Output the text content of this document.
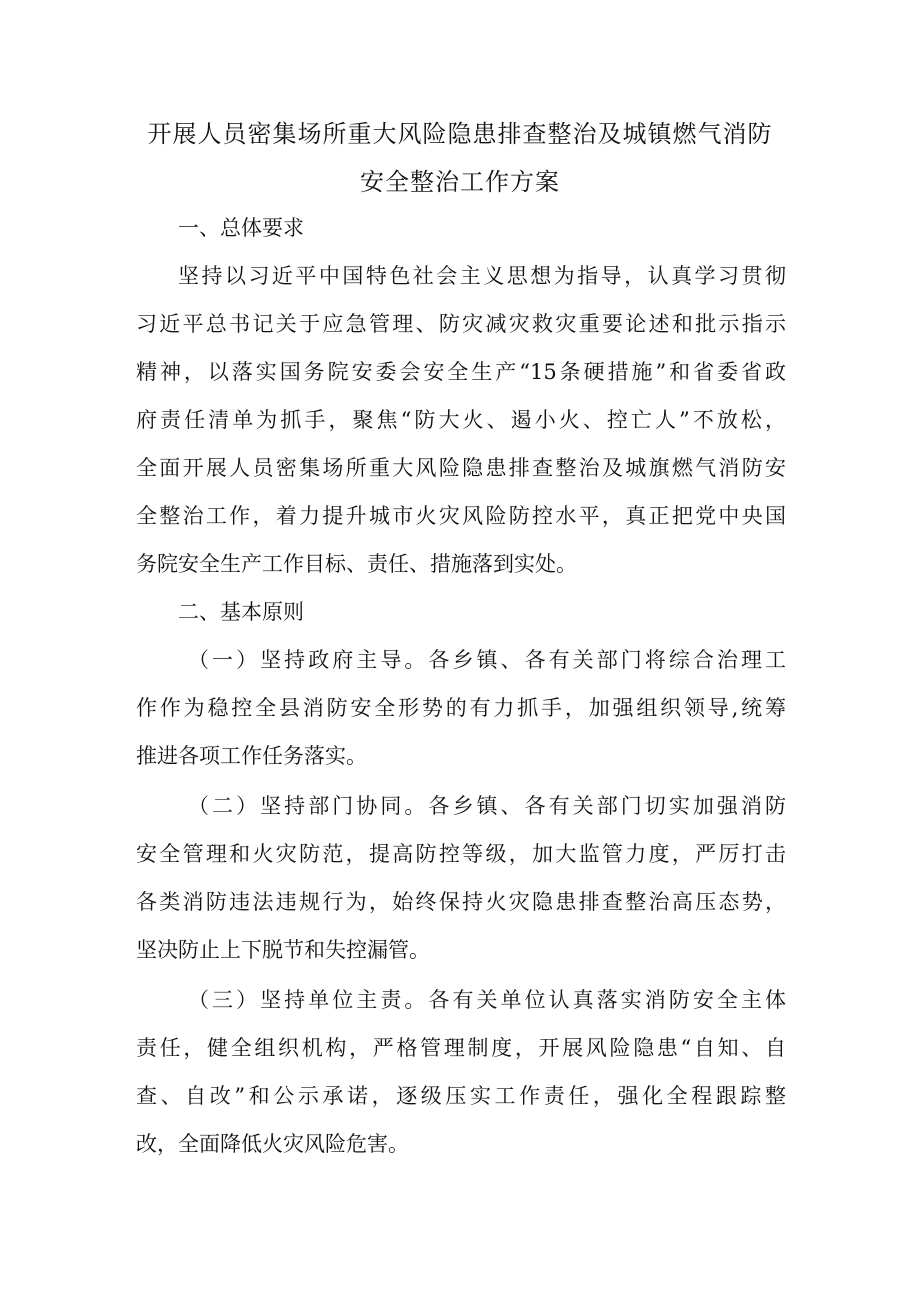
开展人员密集场所重大风险隐患排查整治及城镇燃气消防
安全整治工作方案
一、总体要求
坚持以习近平中国特色社会主义思想为指导，认真学习贯彻
习近平总书记关于应急管理、防灾减灾救灾重要论述和批示指示
精神，以落实国务院安委会安全生产“15条硬措施”和省委省政
府责任清单为抓手，聚焦“防大火、遏小火、控亡人”不放松，
全面开展人员密集场所重大风险隐患排查整治及城旗燃气消防安
全整治工作，着力提升城市火灾风险防控水平，真正把党中央国
务院安全生产工作目标、责任、措施落到实处。
二、基本原则
（一）坚持政府主导。各乡镇、各有关部门将综合治理工
作作为稳控全县消防安全形势的有力抓手，加强组织领导,统筹
推进各项工作任务落实。
（二）坚持部门协同。各乡镇、各有关部门切实加强消防
安全管理和火灾防范，提高防控等级，加大监管力度，严厉打击
各类消防违法违规行为，始终保持火灾隐患排查整治高压态势，
坚决防止上下脱节和失控漏管。
（三）坚持单位主责。各有关单位认真落实消防安全主体
责任，健全组织机构，严格管理制度，开展风险隐患“自知、自
查、自改”和公示承诺，逐级压实工作责任，强化全程跟踪整
改，全面降低火灾风险危害。
